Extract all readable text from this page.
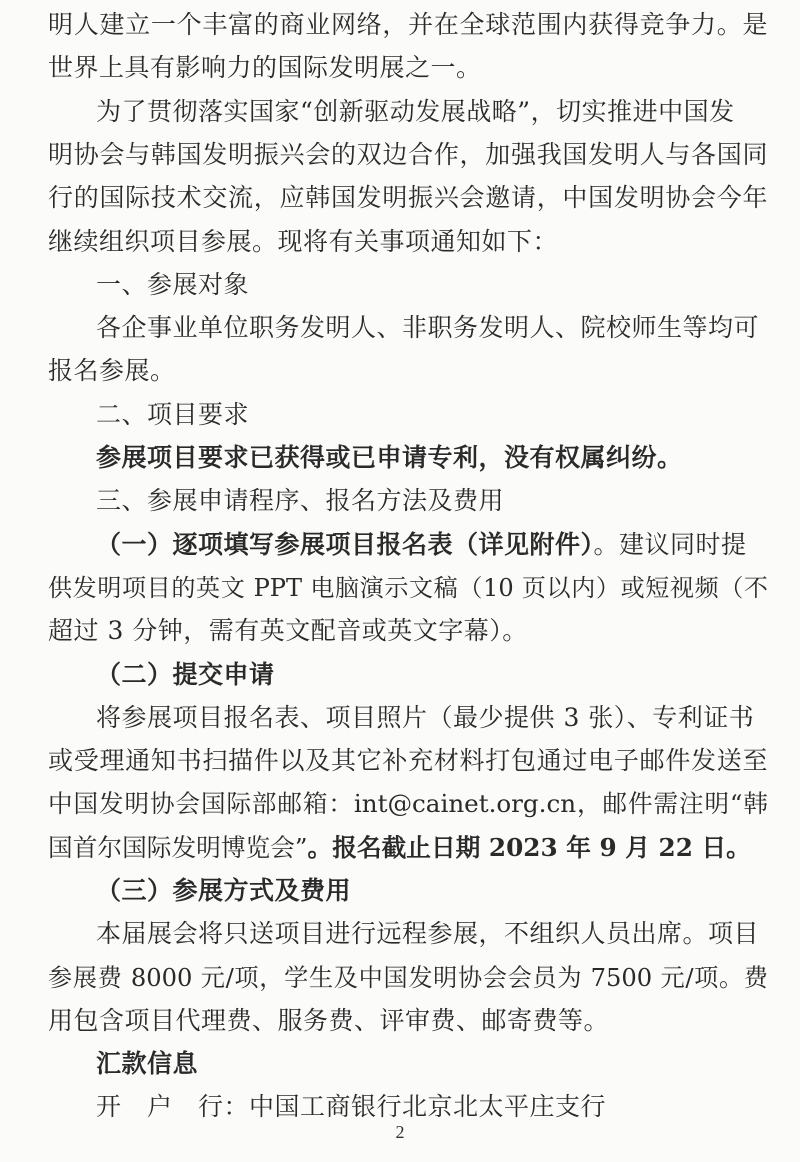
明人建立一个丰富的商业网络，并在全球范围内获得竞争力。是
世界上具有影响力的国际发明展之一。
为了贯彻落实国家“创新驱动发展战略”，切实推进中国发
明协会与韩国发明振兴会的双边合作，加强我国发明人与各国同
行的国际技术交流，应韩国发明振兴会邀请，中国发明协会今年
继续组织项目参展。现将有关事项通知如下：
一、参展对象
各企事业单位职务发明人、非职务发明人、院校师生等均可
报名参展。
二、项目要求
参展项目要求已获得或已申请专利，没有权属纠纷。
三、参展申请程序、报名方法及费用
（一）逐项填写参展项目报名表（详见附件）。建议同时提
供发明项目的英文 PPT 电脑演示文稿（10 页以内）或短视频（不
超过 3 分钟，需有英文配音或英文字幕）。
（二）提交申请
将参展项目报名表、项目照片（最少提供 3 张）、专利证书
或受理通知书扫描件以及其它补充材料打包通过电子邮件发送至
中国发明协会国际部邮箱：int@cainet.org.cn，邮件需注明“韩
国首尔国际发明博览会”。报名截止日期 2023 年 9 月 22 日。
（三）参展方式及费用
本届展会将只送项目进行远程参展，不组织人员出席。项目
参展费 8000 元/项，学生及中国发明协会会员为 7500 元/项。费
用包含项目代理费、服务费、评审费、邮寄费等。
2
汇款信息
开　户　行：中国工商银行北京北太平庄支行
